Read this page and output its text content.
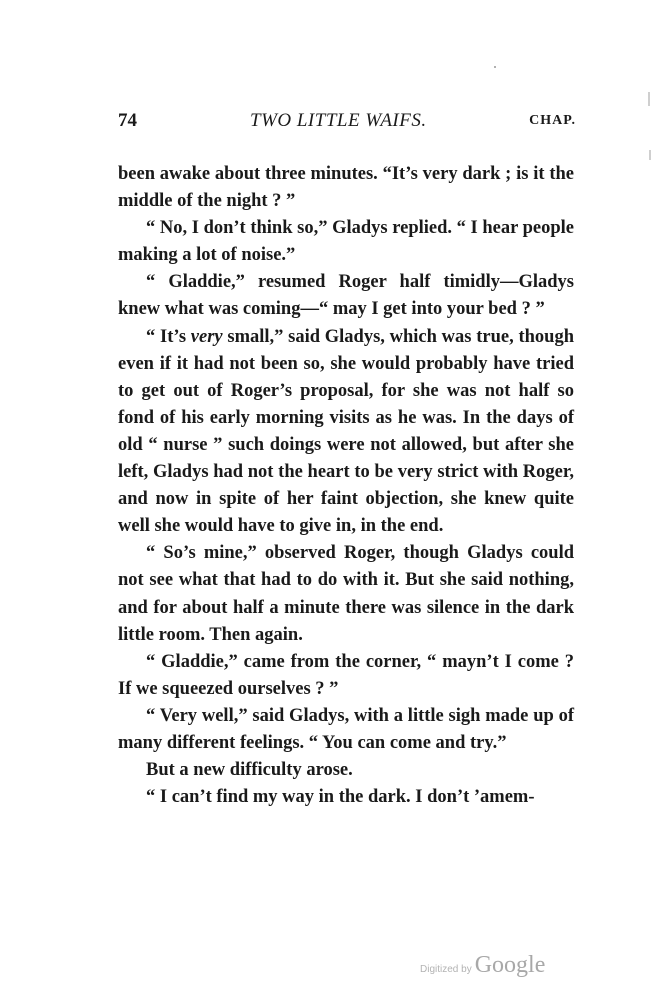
74	TWO LITTLE WAIFS.	CHAP.

been awake about three minutes. “It’s very dark ; is it the middle of the night ? ”

“ No, I don’t think so,” Gladys replied. “ I hear people making a lot of noise.”

“ Gladdie,” resumed Roger half timidly—Gladys knew what was coming—“ may I get into your bed ? ”

“ It’s very small,” said Gladys, which was true, though even if it had not been so, she would probably have tried to get out of Roger’s proposal, for she was not half so fond of his early morning visits as he was. In the days of old “ nurse ” such doings were not allowed, but after she left, Gladys had not the heart to be very strict with Roger, and now in spite of her faint objection, she knew quite well she would have to give in, in the end.

“ So’s mine,” observed Roger, though Gladys could not see what that had to do with it. But she said nothing, and for about half a minute there was silence in the dark little room. Then again.

“ Gladdie,” came from the corner, “ mayn’t I come ? If we squeezed ourselves ? ”

“ Very well,” said Gladys, with a little sigh made up of many different feelings. “ You can come and try.”

But a new difficulty arose.

“ I can’t find my way in the dark. I don’t ’amem-

Digitized by Google
